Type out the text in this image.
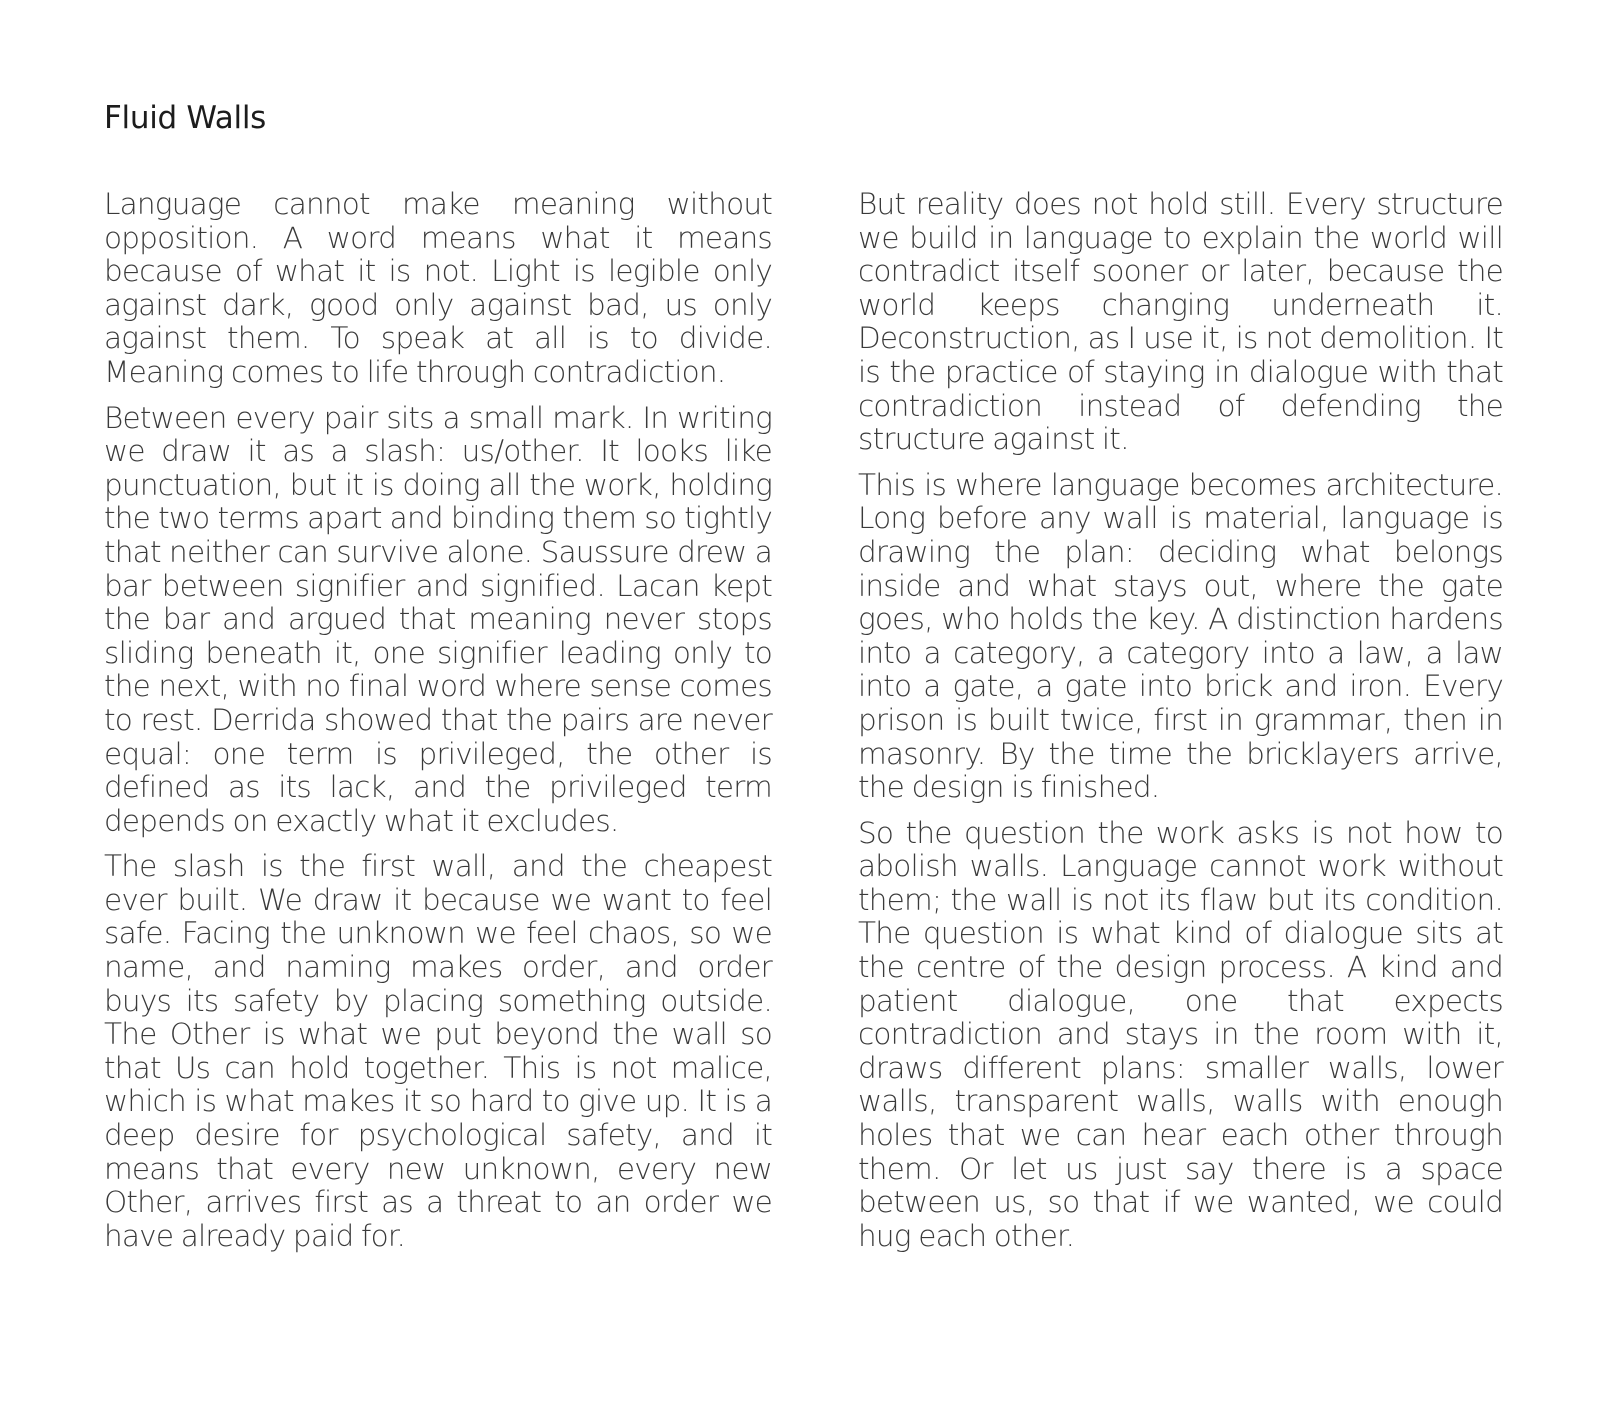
Fluid Walls

Language cannot make meaning without opposition. A word means what it means because of what it is not. Light is legible only against dark, good only against bad, us only against them. To speak at all is to divide. Meaning comes to life through contradiction.

Between every pair sits a small mark. In writing we draw it as a slash: us/other. It looks like punctuation, but it is doing all the work, holding the two terms apart and binding them so tightly that neither can survive alone. Saussure drew a bar between signifier and signified. Lacan kept the bar and argued that meaning never stops sliding beneath it, one signifier leading only to the next, with no final word where sense comes to rest. Derrida showed that the pairs are never equal: one term is privileged, the other is defined as its lack, and the privileged term depends on exactly what it excludes.

The slash is the first wall, and the cheapest ever built. We draw it because we want to feel safe. Facing the unknown we feel chaos, so we name, and naming makes order, and order buys its safety by placing something outside. The Other is what we put beyond the wall so that Us can hold together. This is not malice, which is what makes it so hard to give up. It is a deep desire for psychological safety, and it means that every new unknown, every new Other, arrives first as a threat to an order we have already paid for.

But reality does not hold still. Every structure we build in language to explain the world will contradict itself sooner or later, because the world keeps changing underneath it. Deconstruction, as I use it, is not demolition. It is the practice of staying in dialogue with that contradiction instead of defending the structure against it.

This is where language becomes architecture. Long before any wall is material, language is drawing the plan: deciding what belongs inside and what stays out, where the gate goes, who holds the key. A distinction hardens into a category, a category into a law, a law into a gate, a gate into brick and iron. Every prison is built twice, first in grammar, then in masonry. By the time the bricklayers arrive, the design is finished.

So the question the work asks is not how to abolish walls. Language cannot work without them; the wall is not its flaw but its condition. The question is what kind of dialogue sits at the centre of the design process. A kind and patient dialogue, one that expects contradiction and stays in the room with it, draws different plans: smaller walls, lower walls, transparent walls, walls with enough holes that we can hear each other through them. Or let us just say there is a space between us, so that if we wanted, we could hug each other.
